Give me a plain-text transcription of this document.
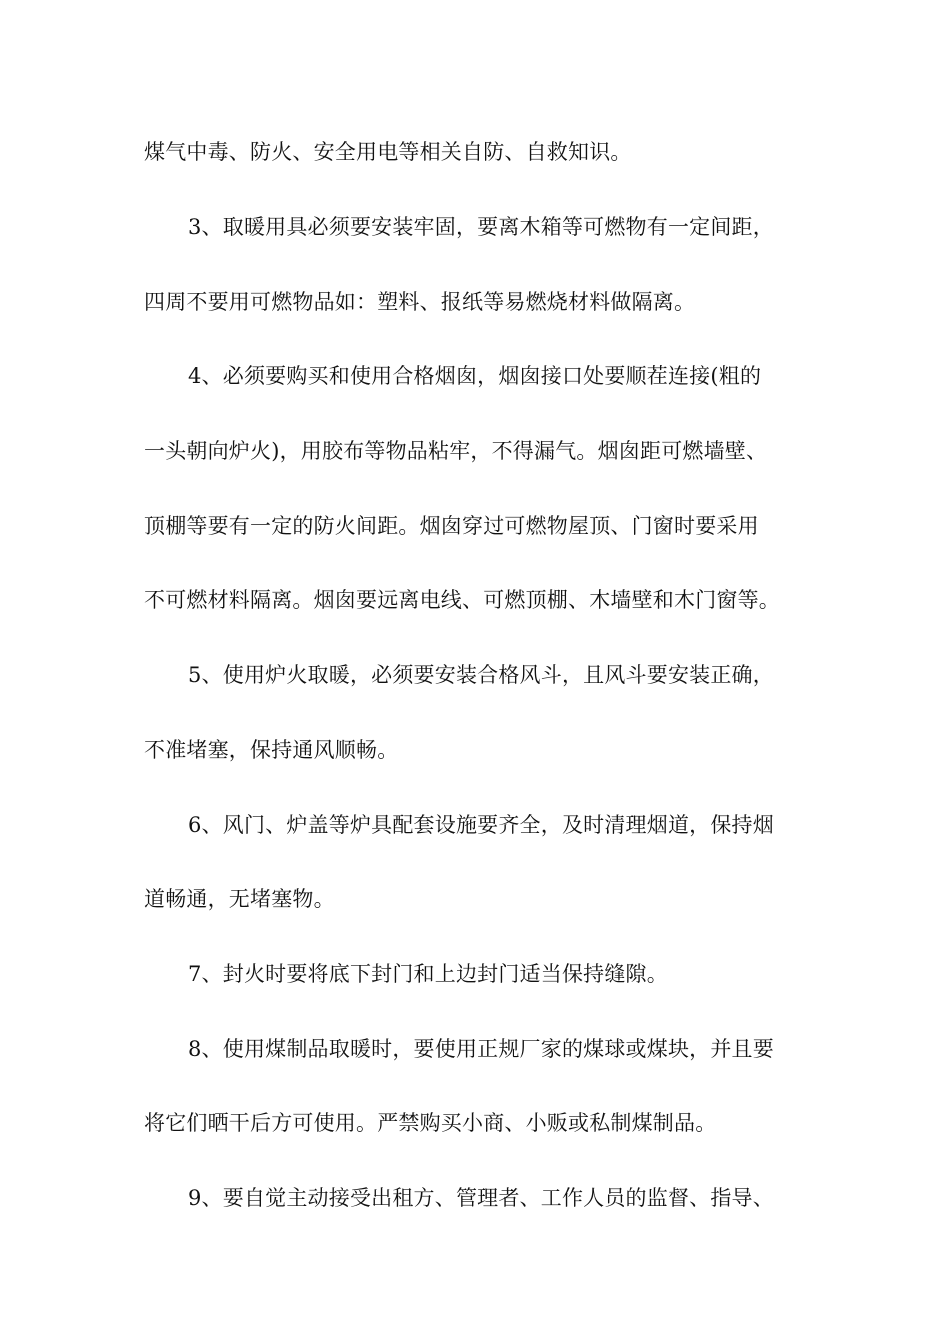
煤气中毒、防火、安全用电等相关自防、自救知识。
3、取暖用具必须要安装牢固，要离木箱等可燃物有一定间距，
四周不要用可燃物品如：塑料、报纸等易燃烧材料做隔离。
4、必须要购买和使用合格烟囱，烟囱接口处要顺茬连接(粗的
一头朝向炉火)，用胶布等物品粘牢，不得漏气。烟囱距可燃墙壁、
顶棚等要有一定的防火间距。烟囱穿过可燃物屋顶、门窗时要采用
不可燃材料隔离。烟囱要远离电线、可燃顶棚、木墙壁和木门窗等。
5、使用炉火取暖，必须要安装合格风斗，且风斗要安装正确，
不准堵塞，保持通风顺畅。
6、风门、炉盖等炉具配套设施要齐全，及时清理烟道，保持烟
道畅通，无堵塞物。
7、封火时要将底下封门和上边封门适当保持缝隙。
8、使用煤制品取暖时，要使用正规厂家的煤球或煤块，并且要
将它们晒干后方可使用。严禁购买小商、小贩或私制煤制品。
9、要自觉主动接受出租方、管理者、工作人员的监督、指导、
